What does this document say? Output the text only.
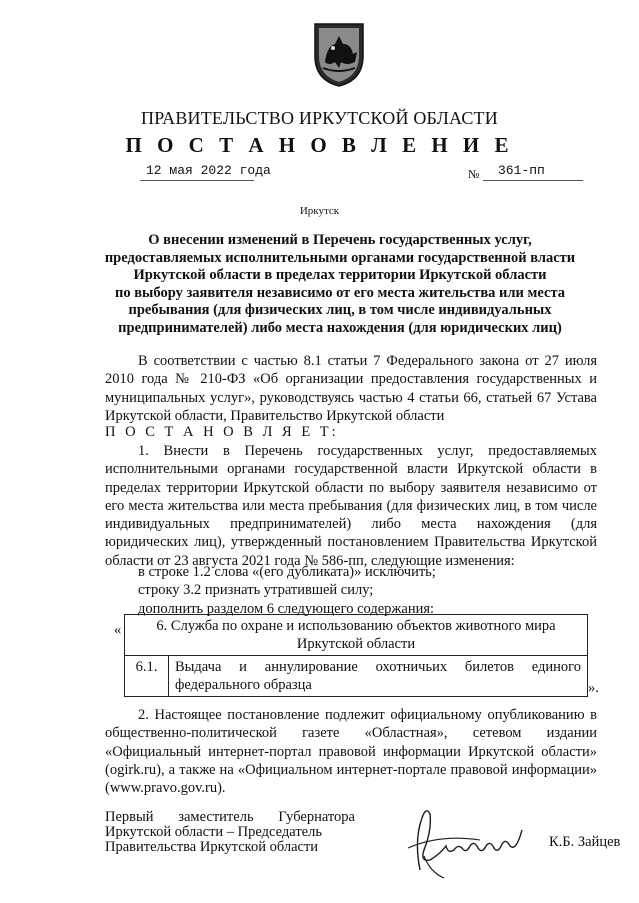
ПРАВИТЕЛЬСТВО ИРКУТСКОЙ ОБЛАСТИ
П О С Т А Н О В Л Е Н И Е
12 мая 2022 года	№ 361-пп
Иркутск
О внесении изменений в Перечень государственных услуг,
предоставляемых исполнительными органами государственной власти
Иркутской области в пределах территории Иркутской области
по выбору заявителя независимо от его места жительства или места
пребывания (для физических лиц, в том числе индивидуальных
предпринимателей) либо места нахождения (для юридических лиц)
В соответствии с частью 8.1 статьи 7 Федерального закона от 27 июля 2010 года № 210-ФЗ «Об организации предоставления государственных и муниципальных услуг», руководствуясь частью 4 статьи 66, статьей 67 Устава Иркутской области, Правительство Иркутской области
П О С Т А Н О В Л Я Е Т:
1. Внести в Перечень государственных услуг, предоставляемых исполнительными органами государственной власти Иркутской области в пределах территории Иркутской области по выбору заявителя независимо от его места жительства или места пребывания (для физических лиц, в том числе индивидуальных предпринимателей) либо места нахождения (для юридических лиц), утвержденный постановлением Правительства Иркутской области от 23 августа 2021 года № 586-пп, следующие изменения:
в строке 1.2 слова «(его дубликата)» исключить;
строку 3.2 признать утратившей силу;
дополнить разделом 6 следующего содержания:
« 6. Служба по охране и использованию объектов животного мира Иркутской области
6.1.	Выдача и аннулирование охотничьих билетов единого федерального образца	».
2. Настоящее постановление подлежит официальному опубликованию в общественно-политической газете «Областная», сетевом издании «Официальный интернет-портал правовой информации Иркутской области» (ogirk.ru), а также на «Официальном интернет-портале правовой информации» (www.pravo.gov.ru).
Первый заместитель Губернатора
Иркутской области – Председатель
Правительства Иркутской области	К.Б. Зайцев
